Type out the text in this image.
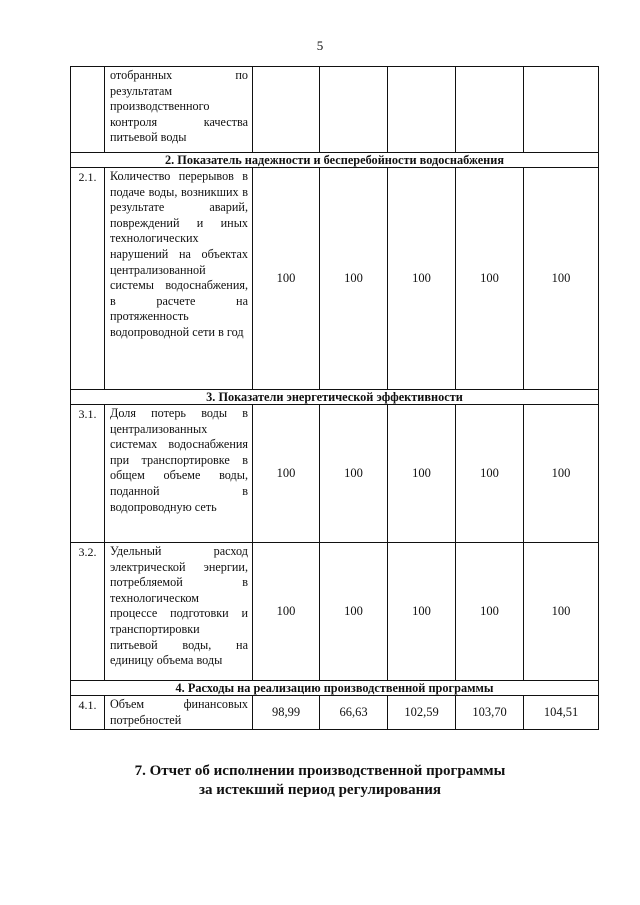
5
	отобранных по результатам производственного контроля качества питьевой воды					
2. Показатель надежности и бесперебойности водоснабжения						
2.1.	Количество перерывов в подаче воды, возникших в результате аварий, повреждений и иных технологических нарушений на объектах централизованной системы водоснабжения, в расчете на протяженность водопроводной сети в год	100	100	100	100	100
3. Показатели энергетической эффективности						
3.1.	Доля потерь воды в централизованных системах водоснабжения при транспортировке в общем объеме воды, поданной в водопроводную сеть	100	100	100	100	100
3.2.	Удельный расход электрической энергии, потребляемой в технологическом процессе подготовки и транспортировки питьевой воды, на единицу объема воды	100	100	100	100	100
4. Расходы на реализацию производственной программы						
4.1.	Объем финансовых потребностей	98,99	66,63	102,59	103,70	104,51
7. Отчет об исполнении производственной программы
за истекший период регулирования
